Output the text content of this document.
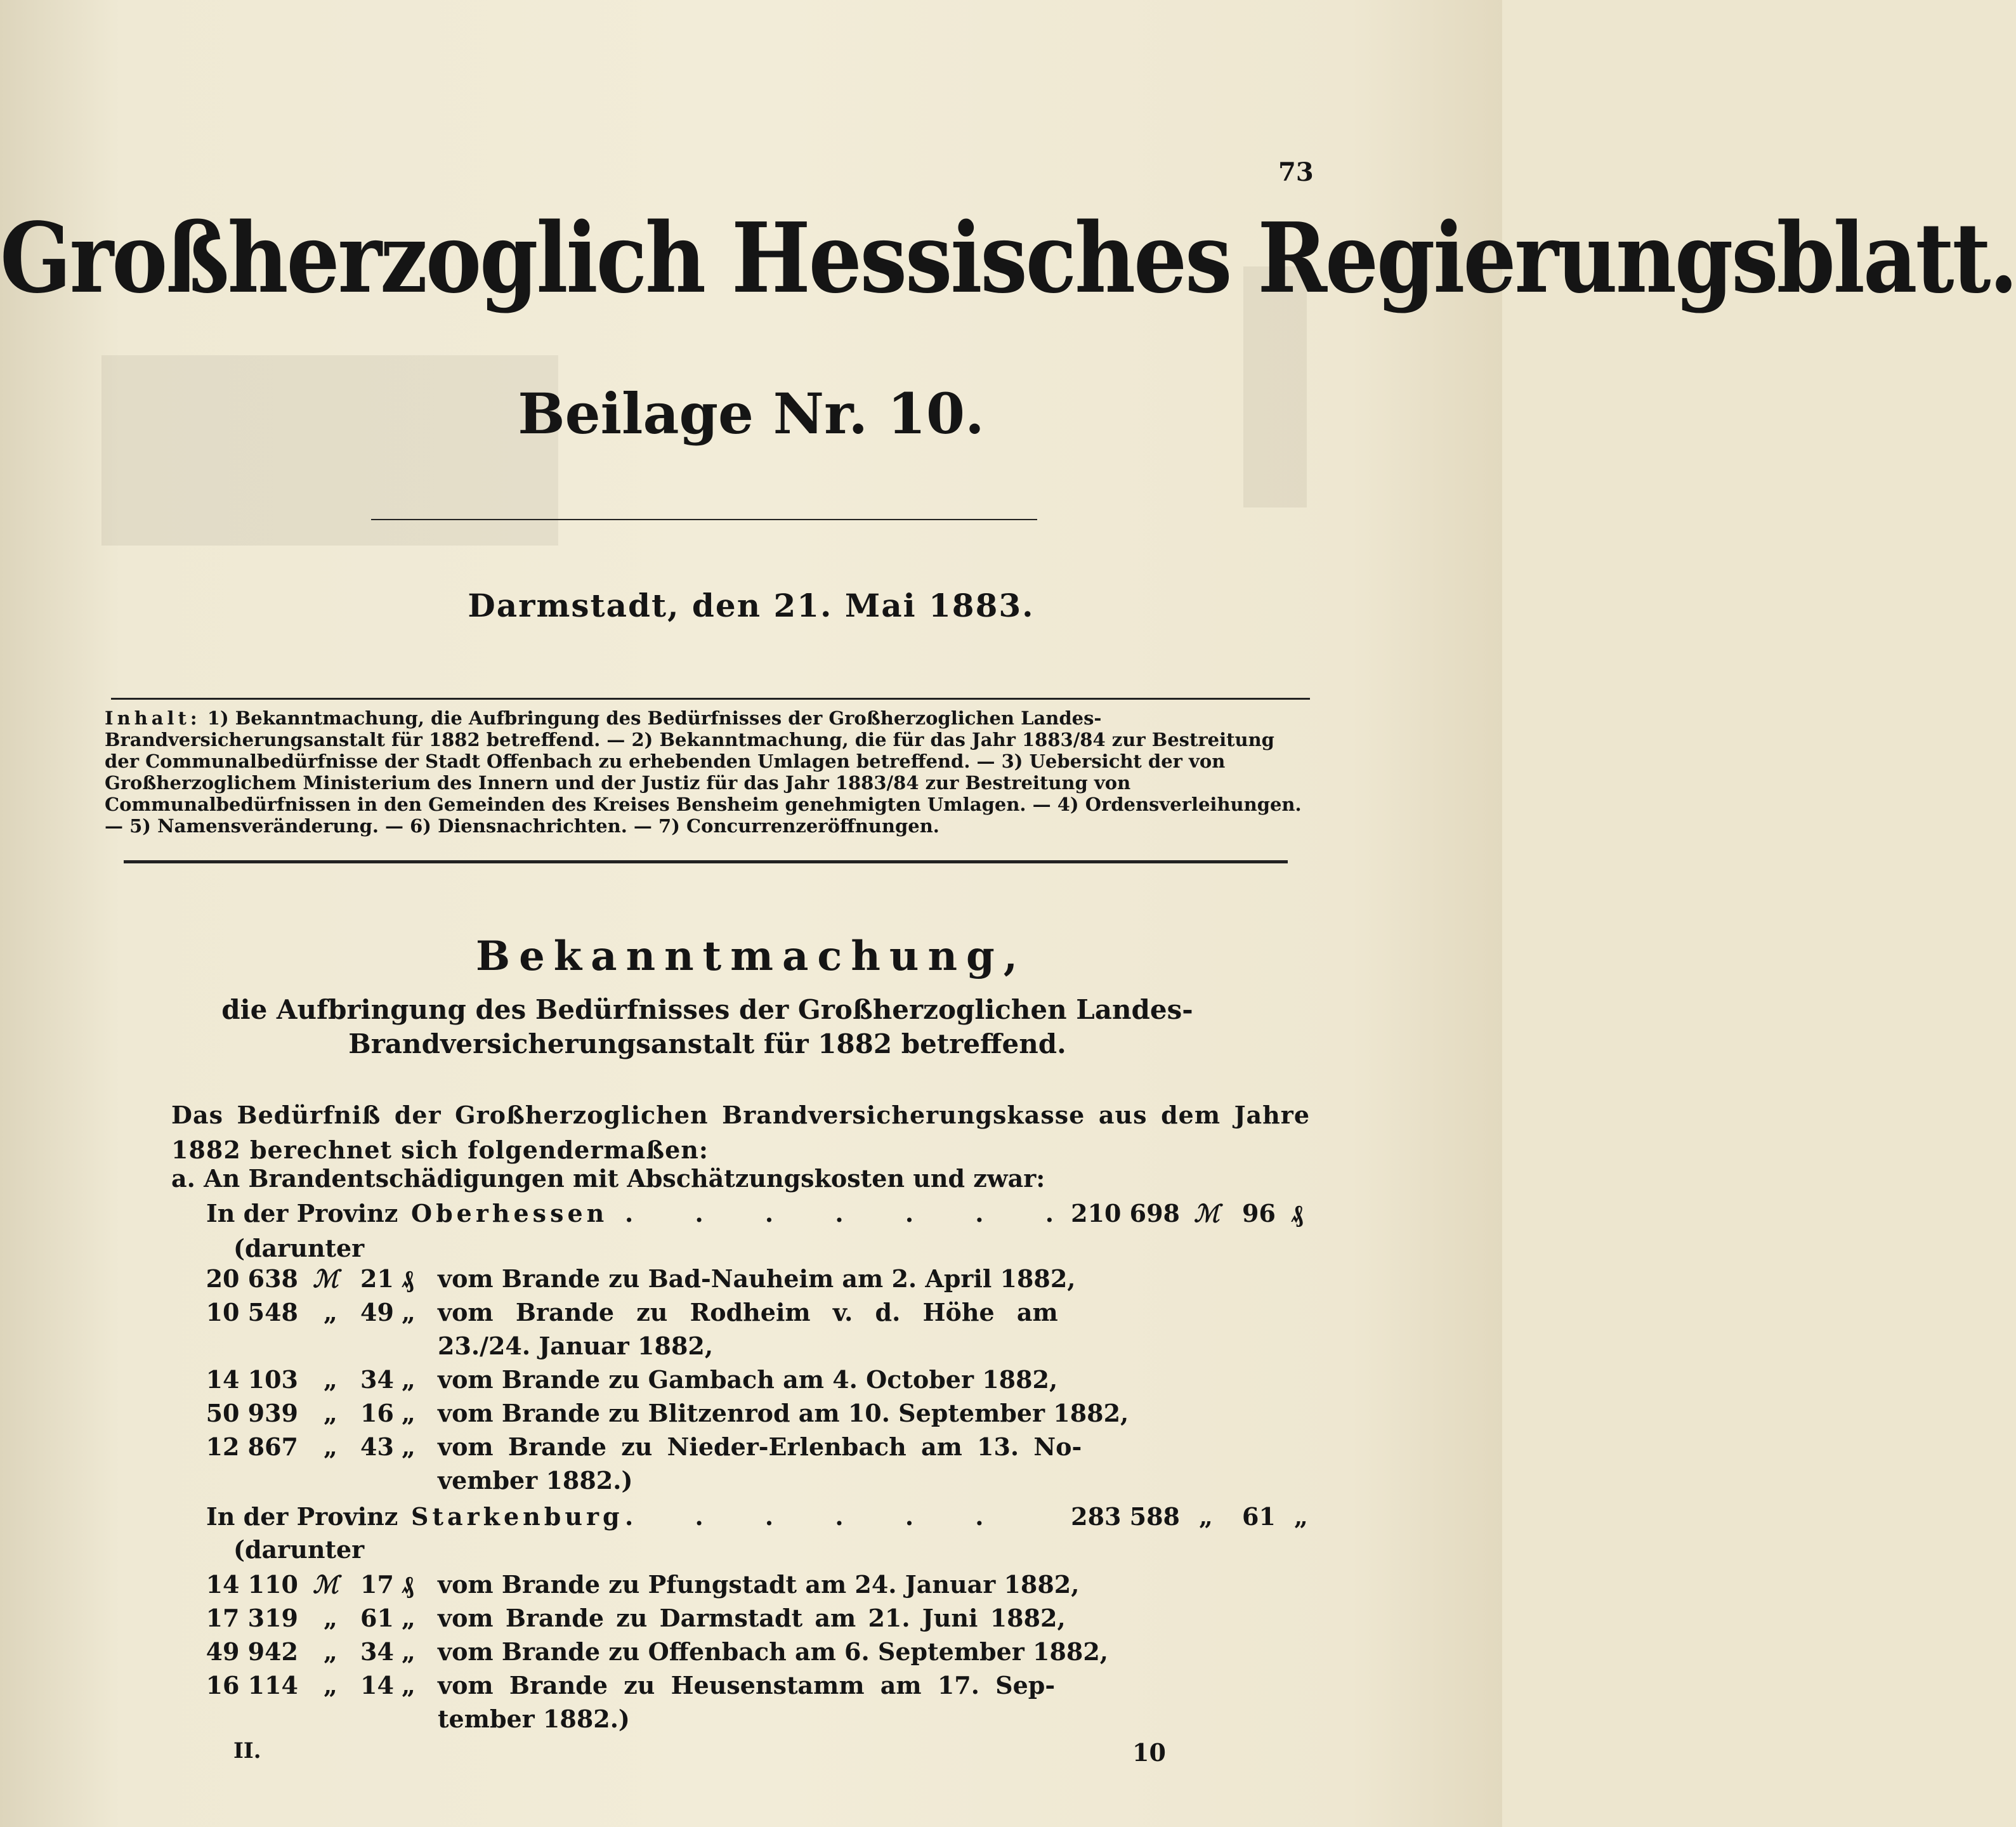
73
Großherzoglich Hessisches Regierungsblatt.
Beilage Nr. 10.
Darmstadt, den 21. Mai 1883.
Inhalt: 1) Bekanntmachung, die Aufbringung des Bedürfnisses der Großherzoglichen Landes-Brandversicherungsanstalt für 1882 betreffend. — 2) Bekanntmachung, die für das Jahr 1883/84 zur Bestreitung der Communalbedürfnisse der Stadt Offenbach zu erhebenden Umlagen betreffend. — 3) Uebersicht der von Großherzoglichem Ministerium des Innern und der Justiz für das Jahr 1883/84 zur Bestreitung von Communalbedürfnissen in den Gemeinden des Kreises Bensheim genehmigten Umlagen. — 4) Ordensverleihungen. — 5) Namensveränderung. — 6) Diensnachrichten. — 7) Concurrenzeröffnungen.
Bekanntmachung,
die Aufbringung des Bedürfnisses der Großherzoglichen Landes-Brandversicherungsanstalt für 1882 betreffend.
Das Bedürfniß der Großherzoglichen Brandversicherungskasse aus dem Jahre 1882 berechnet sich folgendermaßen:
a. An Brandentschädigungen mit Abschätzungskosten und zwar:
In der Provinz Oberhessen . . . . . . .
210 698 ℳ 96 ₰
(darunter
20 638 ℳ 21 ₰ vom Brande zu Bad-Nauheim am 2. April 1882,
10 548 „ 49 „ vom Brande zu Rodheim v. d. Höhe am
23./24. Januar 1882,
14 103 „ 34 „ vom Brande zu Gambach am 4. October 1882,
50 939 „ 16 „ vom Brande zu Blitzenrod am 10. September 1882,
12 867 „ 43 „ vom Brande zu Nieder-Erlenbach am 13. No-
vember 1882.)
In der Provinz Starkenburg . . . . . .	283 588 „ 61 „
(darunter
14 110 ℳ 17 ₰ vom Brande zu Pfungstadt am 24. Januar 1882,
17 319 „ 61 „ vom Brande zu Darmstadt am 21. Juni 1882,
49 942 „ 34 „ vom Brande zu Offenbach am 6. September 1882,
16 114 „ 14 „ vom Brande zu Heusenstamm am 17. Sep-
tember 1882.)
II.	10
